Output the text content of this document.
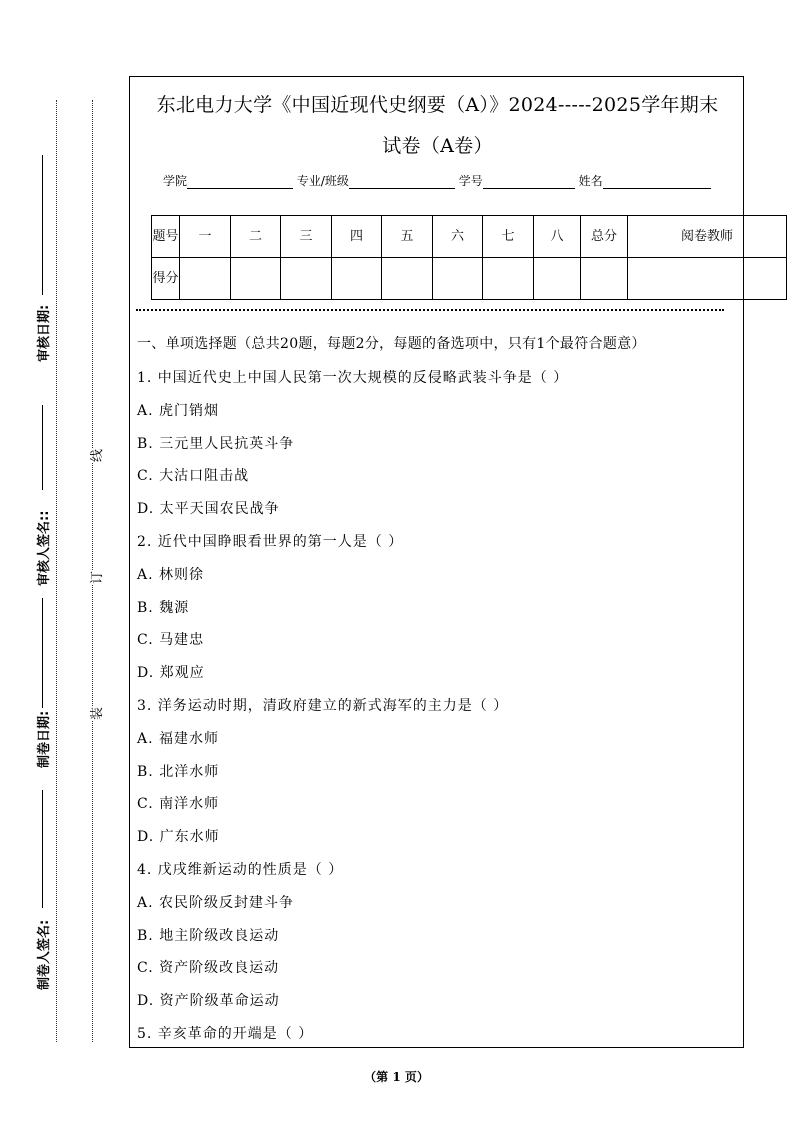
审核日期:
审核人签名::
制卷日期:
制卷人签名:
线
订
装
东北电力大学《中国近现代史纲要（A）》2024-----2025学年期末
试卷（A卷）
学院	专业/班级	学号	姓名
题号	一	二	三	四	五	六	七	八	总分	阅卷教师
得分										
一、单项选择题（总共20题，每题2分，每题的备选项中，只有1个最符合题意）
1. 中国近代史上中国人民第一次大规模的反侵略武装斗争是（ ）
A. 虎门销烟
B. 三元里人民抗英斗争
C. 大沽口阻击战
D. 太平天国农民战争
2. 近代中国睁眼看世界的第一人是（ ）
A. 林则徐
B. 魏源
C. 马建忠
D. 郑观应
3. 洋务运动时期，清政府建立的新式海军的主力是（ ）
A. 福建水师
B. 北洋水师
C. 南洋水师
D. 广东水师
4. 戊戌维新运动的性质是（ ）
A. 农民阶级反封建斗争
B. 地主阶级改良运动
C. 资产阶级改良运动
D. 资产阶级革命运动
5. 辛亥革命的开端是（ ）
（第 1 页）
